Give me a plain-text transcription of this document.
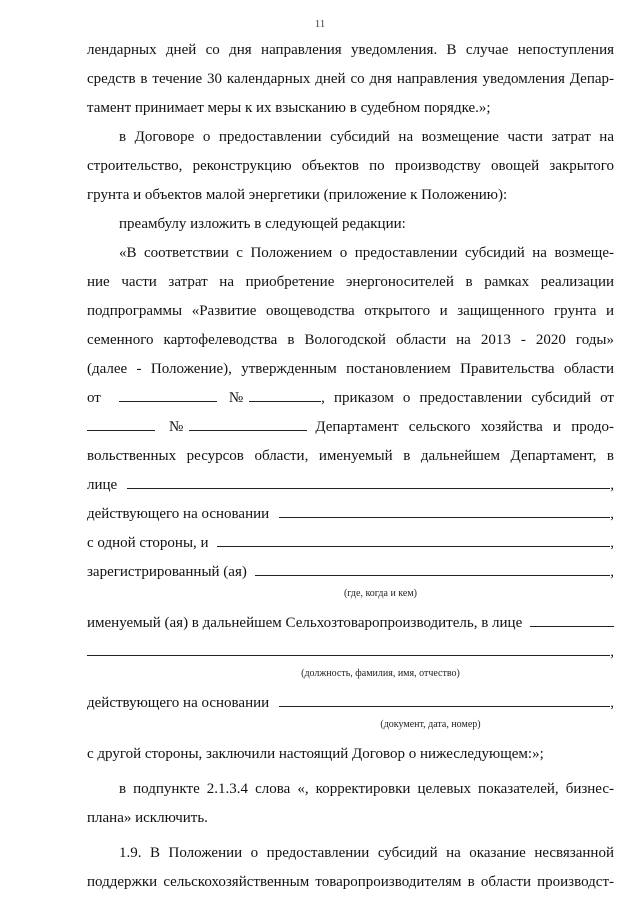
11
лендарных дней со дня направления уведомления. В случае непоступления
средств в течение 30 календарных дней со дня направления уведомления Депар-
тамент принимает меры к их взысканию в судебном порядке.»;
в Договоре о предоставлении субсидий на возмещение части затрат на
строительство, реконструкцию объектов по производству овощей закрытого
грунта и объектов малой энергетики (приложение к Положению):
преамбулу изложить в следующей редакции:
«В соответствии с Положением о предоставлении субсидий на возмеще-
ние части затрат на приобретение энергоносителей в рамках реализации
подпрограммы «Развитие овощеводства открытого и защищенного грунта и
семенного картофелеводства в Вологодской области на 2013 - 2020 годы»
(далее - Положение), утвержденным постановлением Правительства области
от	№	, приказом о предоставлении субсидий от
№	Департамент сельского хозяйства и продо-
вольственных ресурсов области, именуемый в дальнейшем Департамент, в
лице	,
действующего на основании	,
с одной стороны, и	,
зарегистрированный (ая)	,
(где, когда и кем)
именуемый (ая) в дальнейшем Сельхозтоваропроизводитель, в лице
,
(должность, фамилия, имя, отчество)
действующего на основании	,
(документ, дата, номер)
с другой стороны, заключили настоящий Договор о нижеследующем:»;
в подпункте 2.1.3.4 слова «, корректировки целевых показателей, бизнес-
плана» исключить.
1.9. В Положении о предоставлении субсидий на оказание несвязанной
поддержки сельскохозяйственным товаропроизводителям в области производст-
